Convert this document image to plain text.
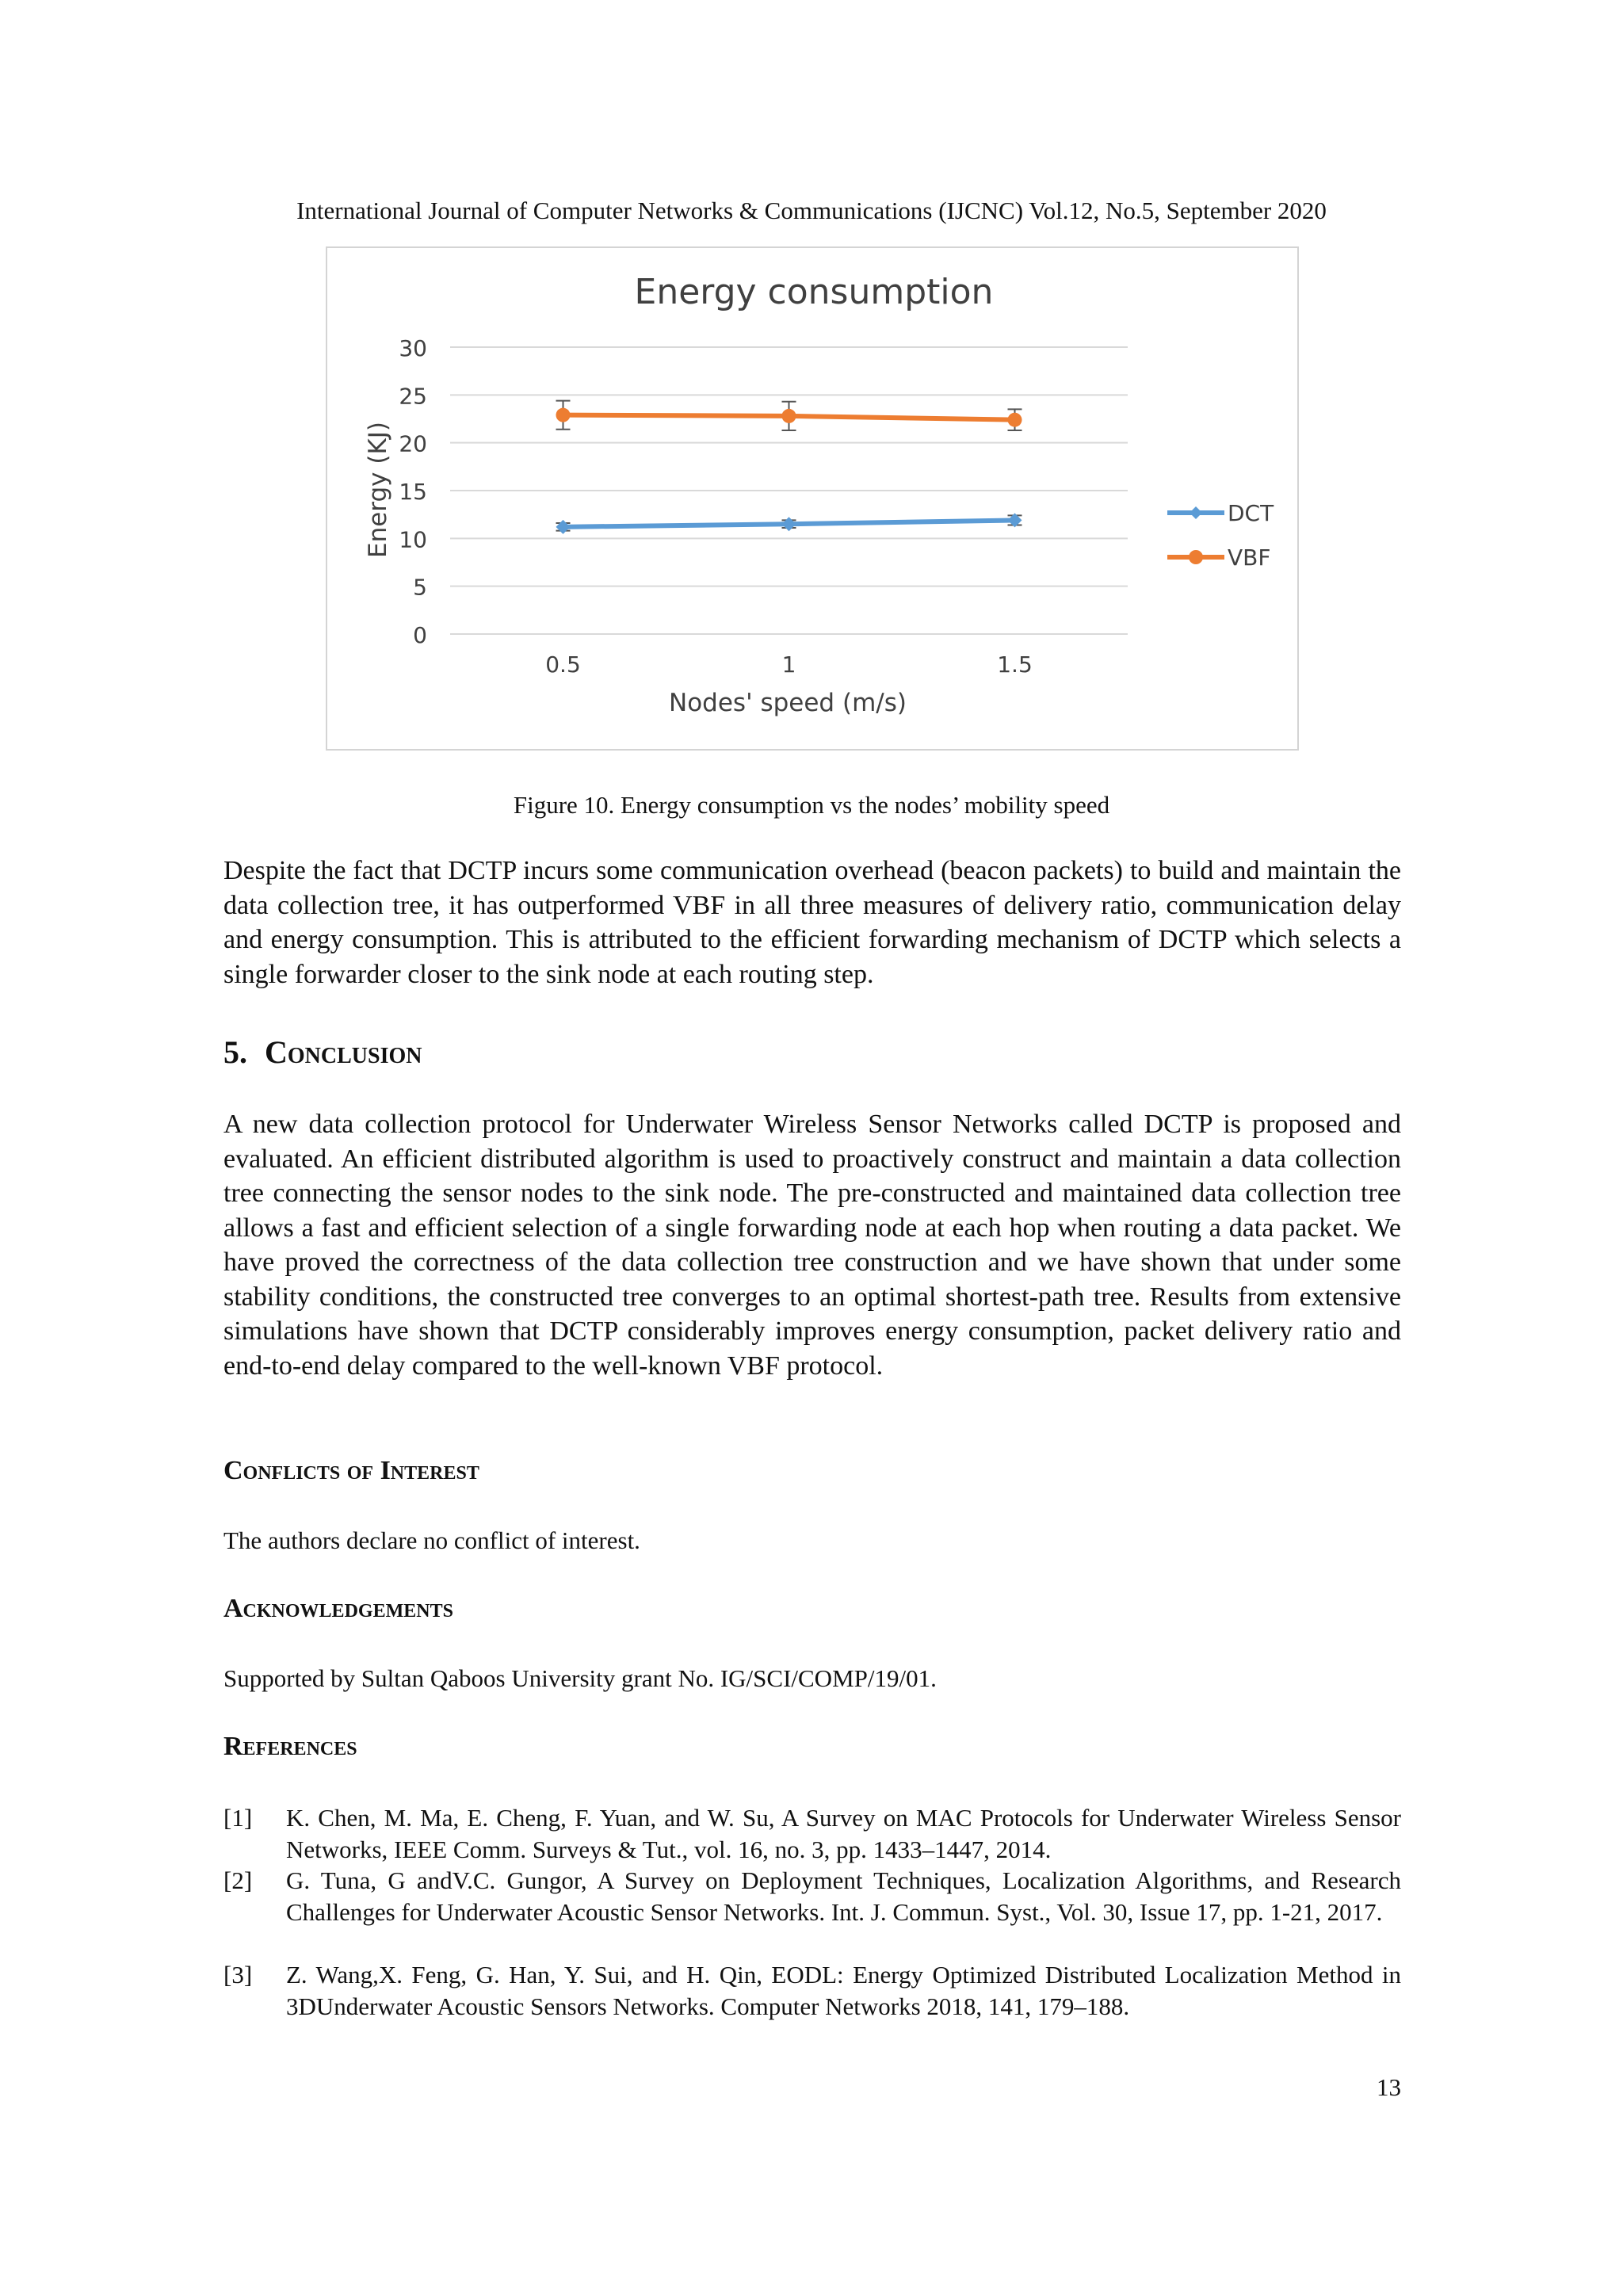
International Journal of Computer Networks & Communications (IJCNC) Vol.12, No.5, September 2020
0
5
10
15
20
25
30
0.5	1	1.5
Energy consumption
Nodes' speed (m/s)
Energy (KJ)	DCT
VBF
Figure 10. Energy consumption vs the nodes’ mobility speed

Despite the fact that DCTP incurs some communication overhead (beacon packets) to build and maintain the data collection tree, it has outperformed VBF in all three measures of delivery ratio, communication delay and energy consumption. This is attributed to the efficient forwarding mechanism of DCTP which selects a single forwarder closer to the sink node at each routing step.

5. Conclusion

A new data collection protocol for Underwater Wireless Sensor Networks called DCTP is proposed and evaluated. An efficient distributed algorithm is used to proactively construct and maintain a data collection tree connecting the sensor nodes to the sink node. The pre-constructed and maintained data collection tree allows a fast and efficient selection of a single forwarding node at each hop when routing a data packet. We have proved the correctness of the data collection tree construction and we have shown that under some stability conditions, the constructed tree converges to an optimal shortest-path tree. Results from extensive simulations have shown that DCTP considerably improves energy consumption, packet delivery ratio and end-to-end delay compared to the well-known VBF protocol.

Conflicts of Interest

The authors declare no conflict of interest.

Acknowledgements

Supported by Sultan Qaboos University grant No. IG/SCI/COMP/19/01.

References
[1] K. Chen, M. Ma, E. Cheng, F. Yuan, and W. Su, A Survey on MAC Protocols for Underwater Wireless Sensor Networks, IEEE Comm. Surveys & Tut., vol. 16, no. 3, pp. 1433–1447, 2014.
[2] G. Tuna, G andV.C. Gungor, A Survey on Deployment Techniques, Localization Algorithms, and Research Challenges for Underwater Acoustic Sensor Networks. Int. J. Commun. Syst., Vol. 30, Issue 17, pp. 1-21, 2017.
[3] Z. Wang,X. Feng, G. Han, Y. Sui, and H. Qin, EODL: Energy Optimized Distributed Localization Method in 3DUnderwater Acoustic Sensors Networks. Computer Networks 2018, 141, 179–188.
13
